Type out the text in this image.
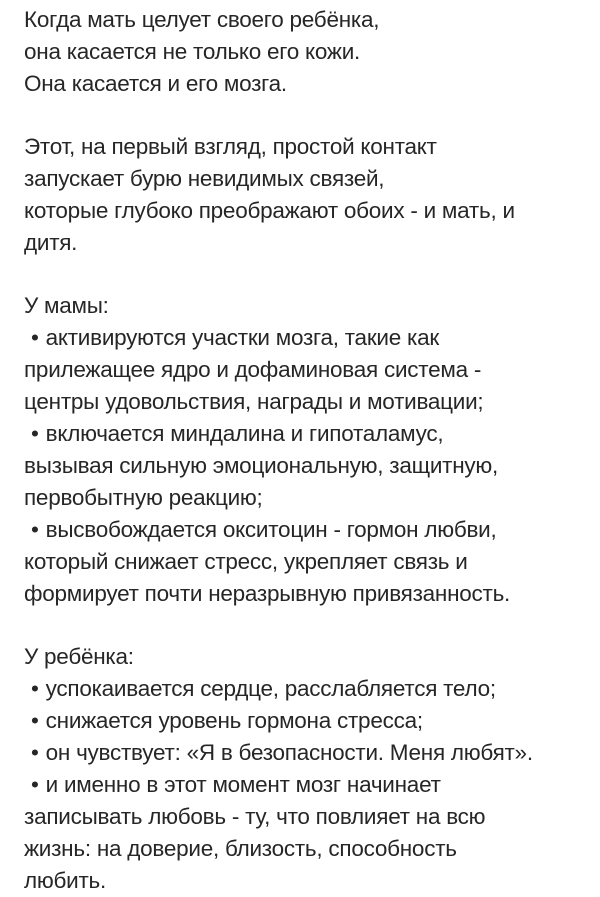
Когда мать целует своего ребёнка,
она касается не только его кожи.
Она касается и его мозга.
Этот, на первый взгляд, простой контакт
запускает бурю невидимых связей,
которые глубоко преображают обоих - и мать, и
дитя.
У мамы:
• активируются участки мозга, такие как
прилежащее ядро и дофаминовая система -
центры удовольствия, награды и мотивации;
• включается миндалина и гипоталамус,
вызывая сильную эмоциональную, защитную,
первобытную реакцию;
• высвобождается окситоцин - гормон любви,
который снижает стресс, укрепляет связь и
формирует почти неразрывную привязанность.
У ребёнка:
• успокаивается сердце, расслабляется тело;
• снижается уровень гормона стресса;
• он чувствует: «Я в безопасности. Меня любят».
• и именно в этот момент мозг начинает
записывать любовь - ту, что повлияет на всю
жизнь: на доверие, близость, способность
любить.
